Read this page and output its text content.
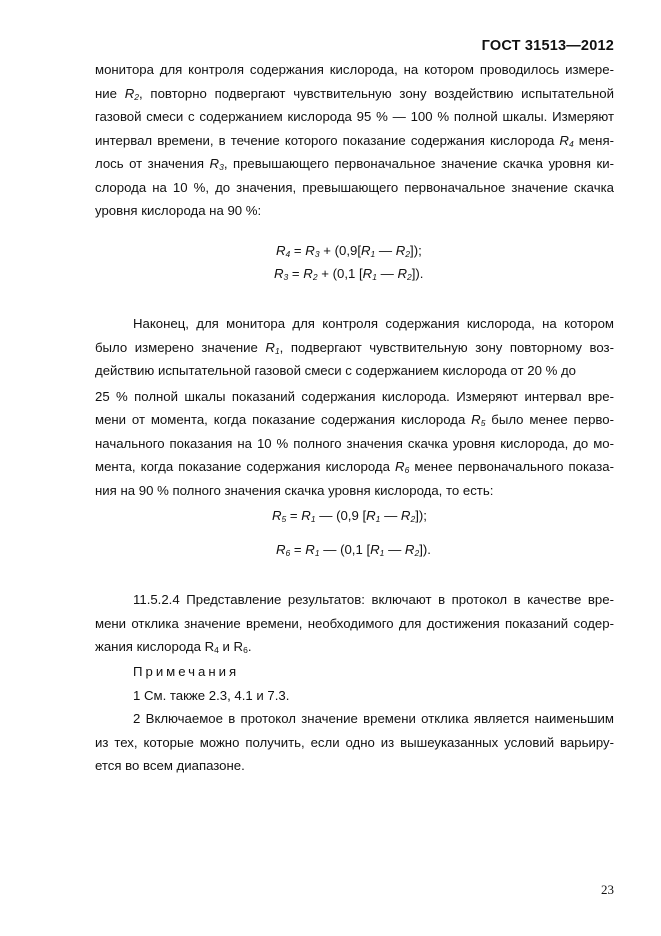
ГОСТ 31513—2012

монитора для контроля содержания кислорода, на котором проводилось измере-ние $R_2$, повторно подвергают чувствительную зону воздействию испытательной газовой смеси с содержанием кислорода 95 % — 100 % полной шкалы. Измеряют интервал времени, в течение которого показание содержания кислорода $R_4$ меня-лось от значения $R_3$, превышающего первоначальное значение скачка уровня ки-слорода на 10 %, до значения, превышающего первоначальное значение скачка уровня кислорода на 90 %:

$R_4 = R_3 + (0,9[R_1$ — $R_2$]);
$R_3 = R_2 + (0,1$ [$R_1$ — $R_2$]).

Наконец, для монитора для контроля содержания кислорода, на котором было измерено значение $R_1$, подвергают чувствительную зону повторному воз-действию испытательной газовой смеси с содержанием кислорода от 20 % до

25 % полной шкалы показаний содержания кислорода. Измеряют интервал вре-мени от момента, когда показание содержания кислорода $R_5$ было менее перво-начального показания на 10 % полного значения скачка уровня кислорода, до мо-мента, когда показание содержания кислорода $R_6$ менее первоначального показа-ния на 90 % полного значения скачка уровня кислорода, то есть:

$R_5 = R_1$ — (0,9 [$R_1$ — $R_2$]);
$R_6 = R_1$ — (0,1 [$R_1$ — $R_2$]).

11.5.2.4 Представление результатов: включают в протокол в качестве вре-мени отклика значение времени, необходимого для достижения показаний содер-жания кислорода $R_4$ и $R_6$.

Примечания

1 См. также 2.3, 4.1 и 7.3.

2 Включаемое в протокол значение времени отклика является наименьшим из тех, которые можно получить, если одно из вышеуказанных условий варьиру-ется во всем диапазоне.

23
